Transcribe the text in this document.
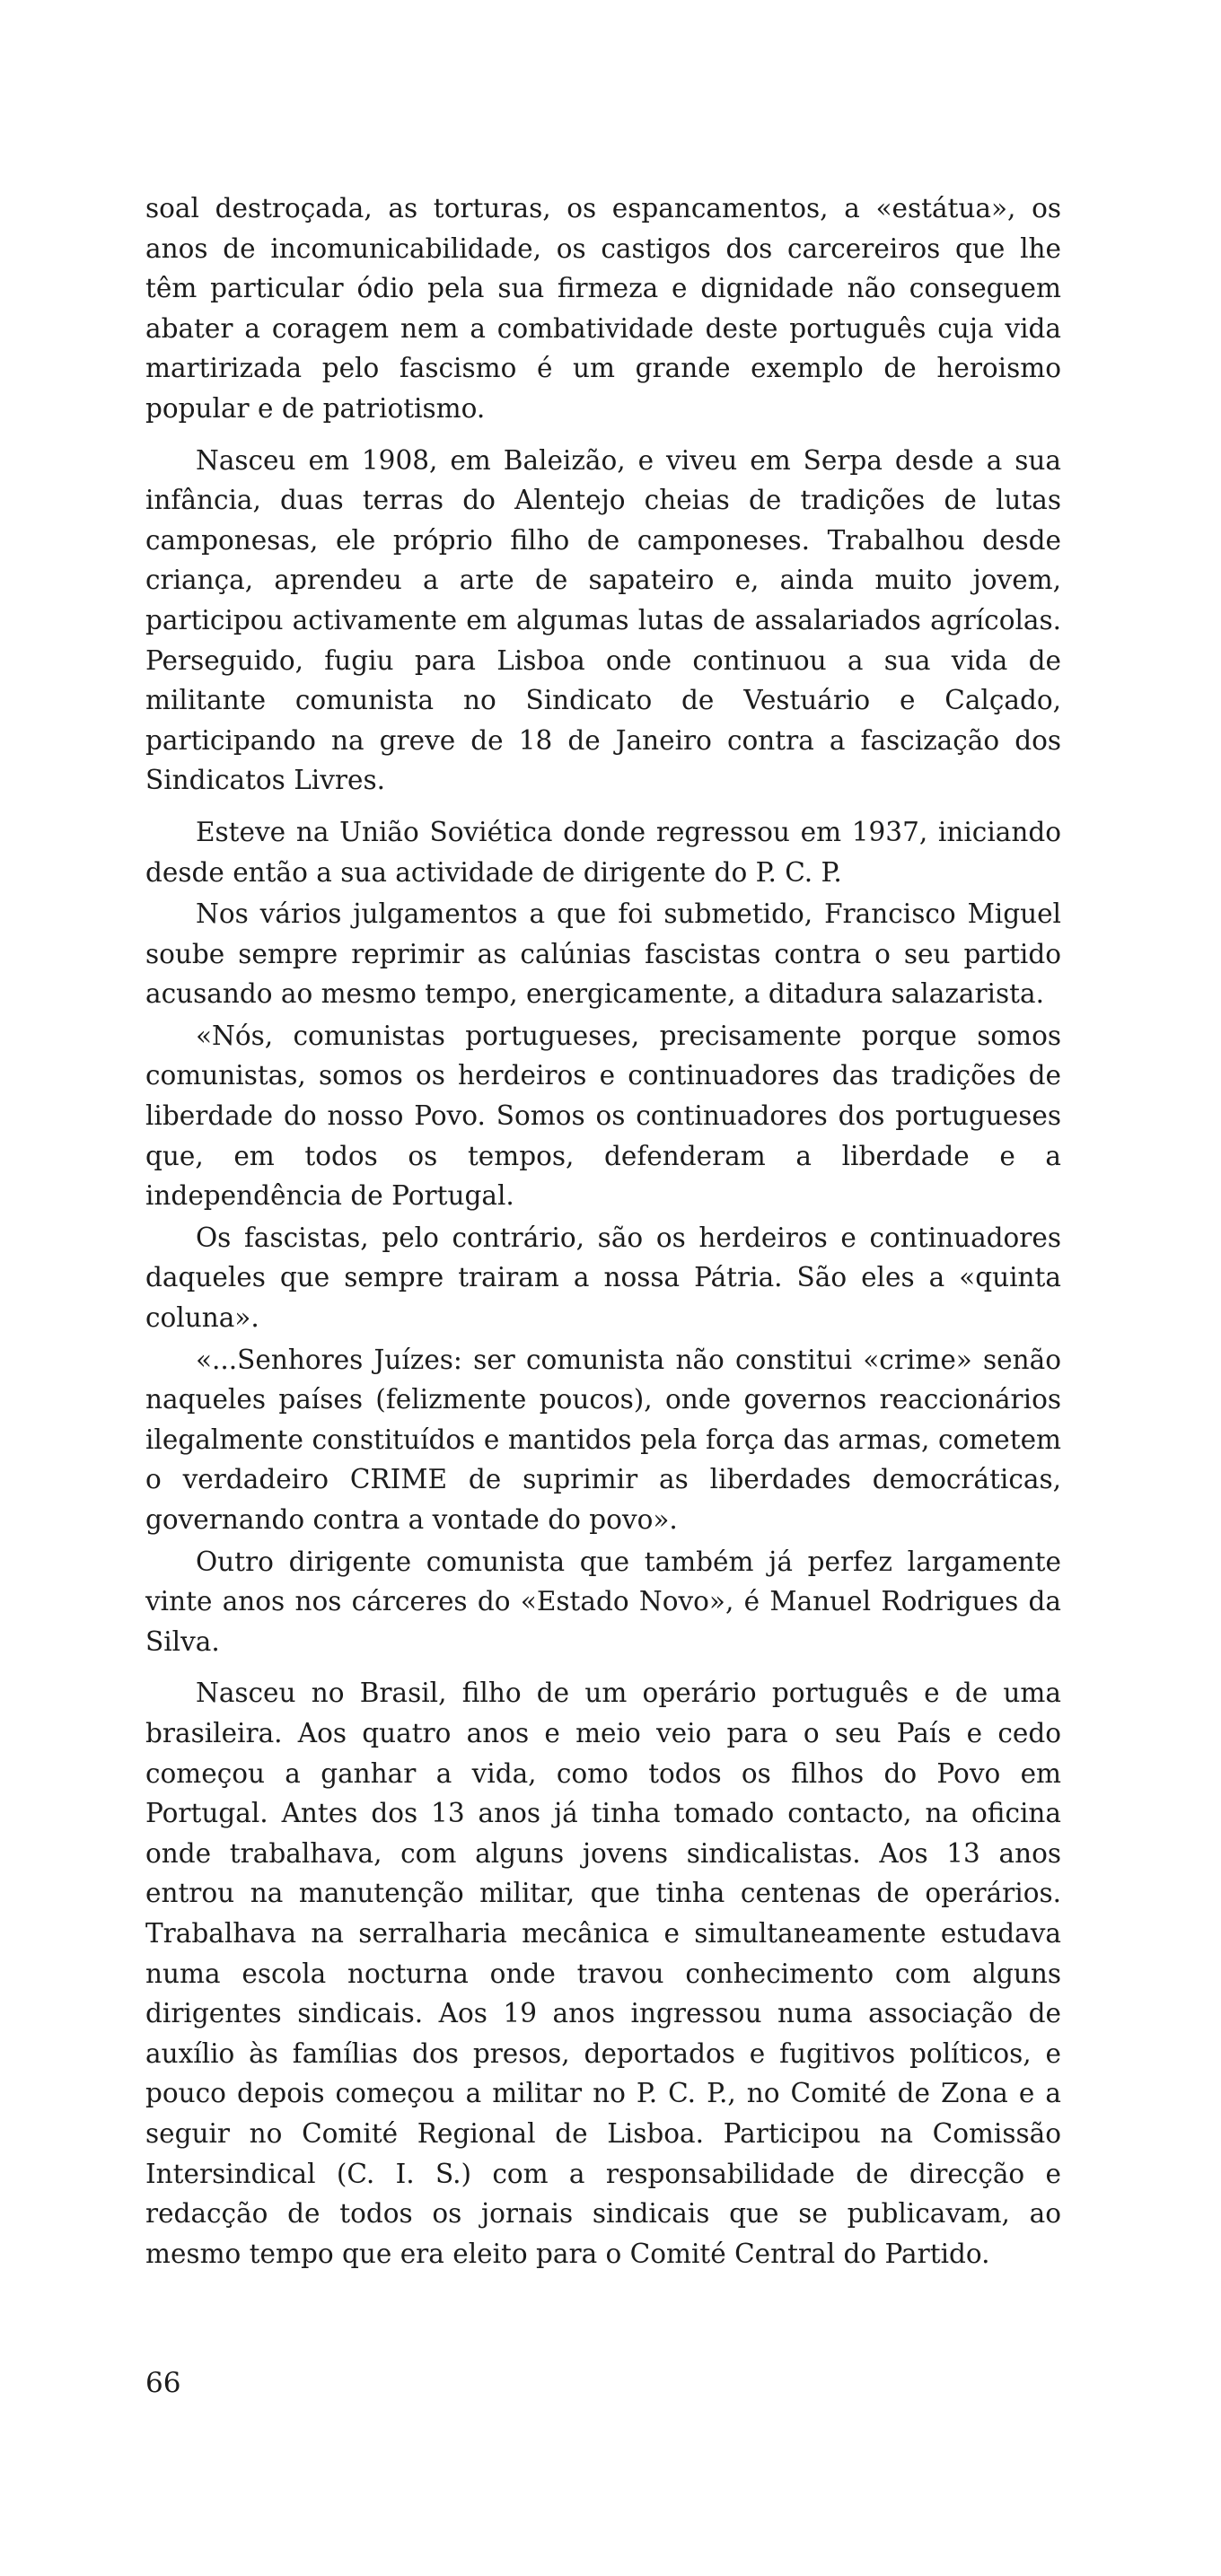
soal destroçada, as torturas, os espancamentos, a «estátua», os anos de incomunicabilidade, os castigos dos carcereiros que lhe têm particular ódio pela sua firmeza e dignidade não conseguem abater a coragem nem a combatividade deste português cuja vida martirizada pelo fascismo é um grande exemplo de heroismo popular e de patriotismo.

Nasceu em 1908, em Baleizão, e viveu em Serpa desde a sua infância, duas terras do Alentejo cheias de tradições de lutas camponesas, ele próprio filho de camponeses. Trabalhou desde criança, aprendeu a arte de sapateiro e, ainda muito jovem, participou activamente em algumas lutas de assalariados agrícolas. Perseguido, fugiu para Lisboa onde continuou a sua vida de militante comunista no Sindicato de Vestuário e Calçado, participando na greve de 18 de Janeiro contra a fascização dos Sindicatos Livres.

Esteve na União Soviética donde regressou em 1937, iniciando desde então a sua actividade de dirigente do P. C. P.

Nos vários julgamentos a que foi submetido, Francisco Miguel soube sempre reprimir as calúnias fascistas contra o seu partido acusando ao mesmo tempo, energicamente, a ditadura salazarista.

«Nós, comunistas portugueses, precisamente porque somos comunistas, somos os herdeiros e continuadores das tradições de liberdade do nosso Povo. Somos os continuadores dos portugueses que, em todos os tempos, defenderam a liberdade e a independência de Portugal.

Os fascistas, pelo contrário, são os herdeiros e continuadores daqueles que sempre trairam a nossa Pátria. São eles a «quinta coluna».

«...Senhores Juízes: ser comunista não constitui «crime» senão naqueles países (felizmente poucos), onde governos reaccionários ilegalmente constituídos e mantidos pela força das armas, cometem o verdadeiro CRIME de suprimir as liberdades democráticas, governando contra a vontade do povo».

Outro dirigente comunista que também já perfez largamente vinte anos nos cárceres do «Estado Novo», é Manuel Rodrigues da Silva.

Nasceu no Brasil, filho de um operário português e de uma brasileira. Aos quatro anos e meio veio para o seu País e cedo começou a ganhar a vida, como todos os filhos do Povo em Portugal. Antes dos 13 anos já tinha tomado contacto, na oficina onde trabalhava, com alguns jovens sindicalistas. Aos 13 anos entrou na manutenção militar, que tinha centenas de operários. Trabalhava na serralharia mecânica e simultaneamente estudava numa escola nocturna onde travou conhecimento com alguns dirigentes sindicais. Aos 19 anos ingressou numa associação de auxílio às famílias dos presos, deportados e fugitivos políticos, e pouco depois começou a militar no P. C. P., no Comité de Zona e a seguir no Comité Regional de Lisboa. Participou na Comissão Intersindical (C. I. S.) com a responsabilidade de direcção e redacção de todos os jornais sindicais que se publicavam, ao mesmo tempo que era eleito para o Comité Central do Partido.

66
